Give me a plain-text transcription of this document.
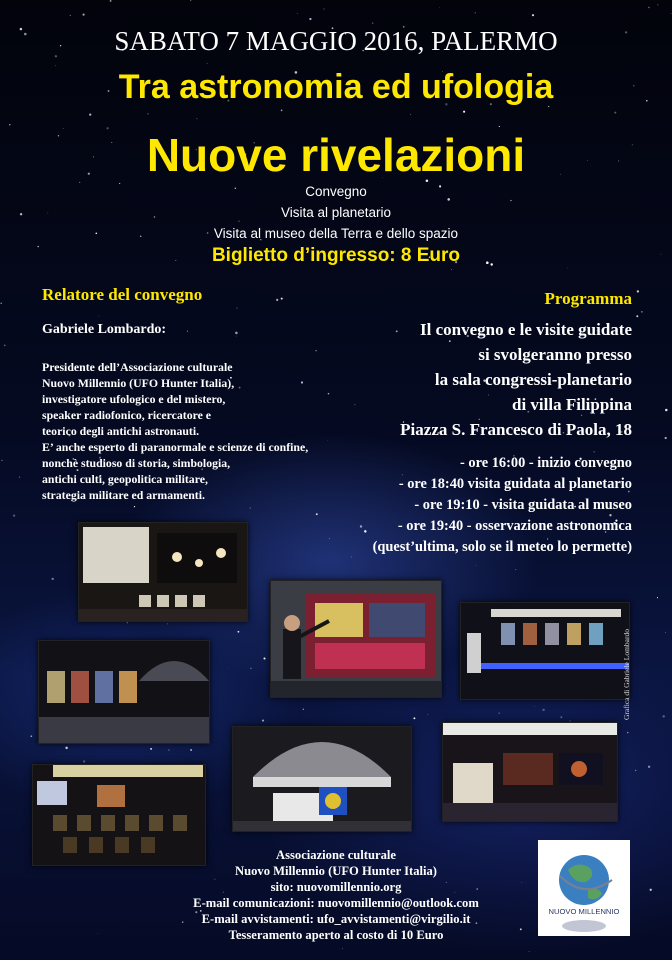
SABATO 7 MAGGIO 2016, PALERMO

Tra astronomia ed ufologia

Nuove rivelazioni

Convegno

Visita al planetario

Visita al museo della Terra e dello spazio

Biglietto d’ingresso: 8 Euro

Relatore del convegno

Gabriele Lombardo:

Presidente dell’Associazione culturale

Nuovo Millennio (UFO Hunter Italia),

investigatore ufologico e del mistero,

speaker radiofonico, ricercatore e

teorico degli antichi astronauti.

E’ anche esperto di paranormale e scienze di confine,

nonchè studioso di storia, simbologia,

antichi culti, geopolitica militare,

strategia militare ed armamenti.

Programma

Il convegno e le visite guidate

si svolgeranno presso

la sala congressi-planetario

di villa Filippina

Piazza S. Francesco di Paola, 18

- ore 16:00 - inizio convegno

- ore 18:40 visita guidata al planetario

- ore 19:10 - visita guidata al museo

- ore 19:40 - osservazione astronomica

(quest’ultima, solo se il meteo lo permette)

Grafica di Gabriele Lombardo

Associazione culturale

Nuovo Millennio (UFO Hunter Italia)

sito: nuovomillennio.org

E-mail comunicazioni: nuovomillennio@outlook.com

E-mail avvistamenti: ufo_avvistamenti@virgilio.it

Tesseramento aperto al costo di 10 Euro

NUOVO MILLENNIO
